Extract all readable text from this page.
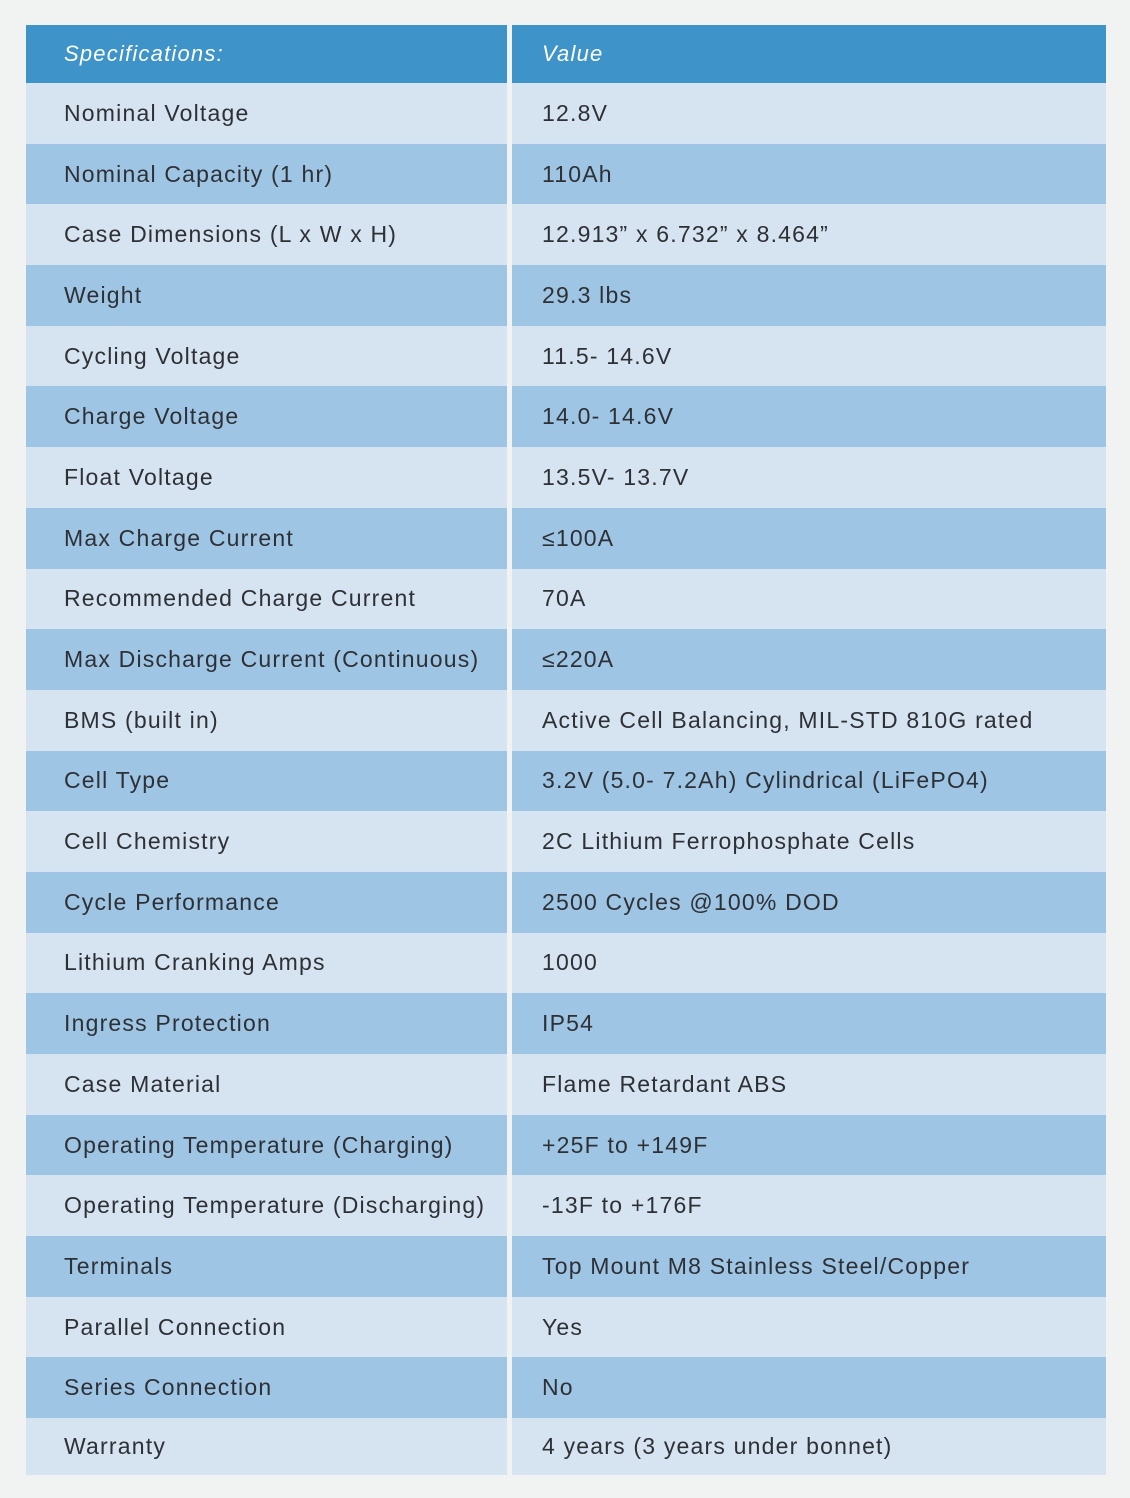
Specifications:	Value
Nominal Voltage	12.8V
Nominal Capacity (1 hr)	110Ah
Case Dimensions (L x W x H)	12.913” x 6.732” x 8.464”
Weight	29.3 lbs
Cycling Voltage	11.5- 14.6V
Charge Voltage	14.0- 14.6V
Float Voltage	13.5V- 13.7V
Max Charge Current	≤100A
Recommended Charge Current	70A
Max Discharge Current (Continuous)	≤220A
BMS (built in)	Active Cell Balancing, MIL-STD 810G rated
Cell Type	3.2V (5.0- 7.2Ah) Cylindrical (LiFePO4)
Cell Chemistry	2C Lithium Ferrophosphate Cells
Cycle Performance	2500 Cycles @100% DOD
Lithium Cranking Amps	1000
Ingress Protection	IP54
Case Material	Flame Retardant ABS
Operating Temperature (Charging)	+25F to +149F
Operating Temperature (Discharging)	-13F to +176F
Terminals	Top Mount M8 Stainless Steel/Copper
Parallel Connection	Yes
Series Connection	No
Warranty	4 years (3 years under bonnet)
